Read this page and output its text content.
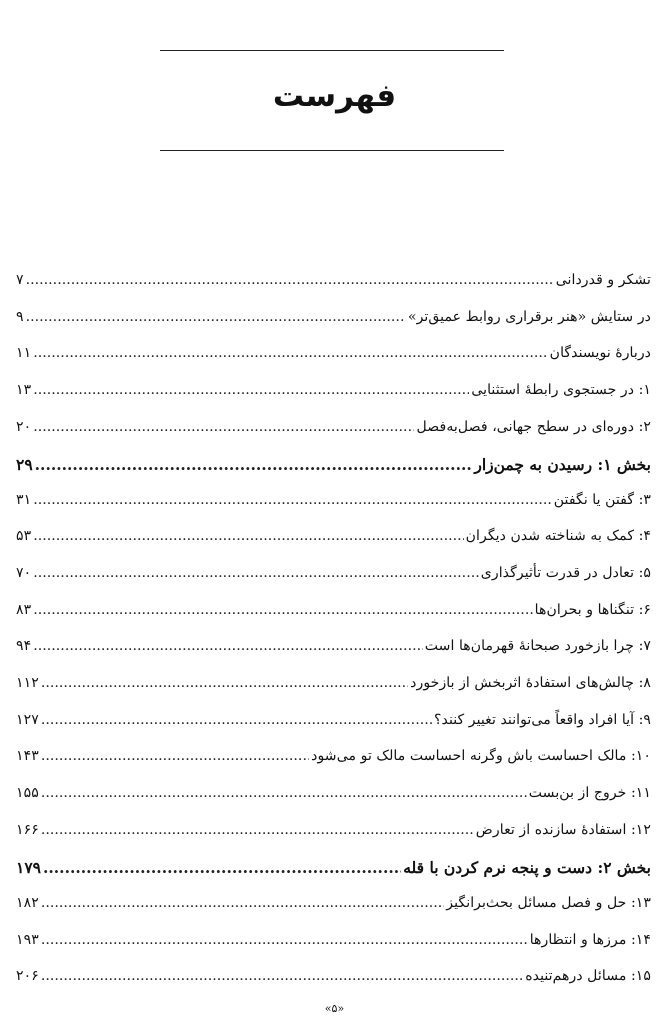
فهرست
تشکر و قدردانی
.....
۷
در ستایش «هنر برقراری روابط عمیق‌تر»
.....
۹
دربارهٔ نویسندگان
.....
۱۱
۱: در جستجوی رابطهٔ استثنایی
.....
۱۳
۲: دوره‌ای در سطح جهانی، فصل‌به‌فصل
.....
۲۰
بخش ۱: رسیدن به چمن‌زار
.....
۲۹
۳: گفتن یا نگفتن
.....
۳۱
۴: کمک به شناخته شدن دیگران
.....
۵۳
۵: تعادل در قدرت تأثیرگذاری
.....
۷۰
۶: تنگناها و بحران‌ها
.....
۸۳
۷: چرا بازخورد صبحانهٔ قهرمان‌ها است
.....
۹۴
۸: چالش‌های استفادهٔ اثربخش از بازخورد
.....
۱۱۲
۹: آیا افراد واقعاً می‌توانند تغییر کنند؟
.....
۱۲۷
۱۰: مالک احساست باش وگرنه احساست مالک تو می‌شود
.....
۱۴۳
۱۱: خروج از بن‌بست
.....
۱۵۵
۱۲: استفادهٔ سازنده از تعارض
.....
۱۶۶
بخش ۲: دست و پنجه نرم کردن با قله
.....
۱۷۹
۱۳: حل و فصل مسائل بحث‌برانگیز
.....
۱۸۲
۱۴: مرزها و انتظارها
.....
۱۹۳
۱۵: مسائل درهم‌تنیده
.....
۲۰۶
«۵»
